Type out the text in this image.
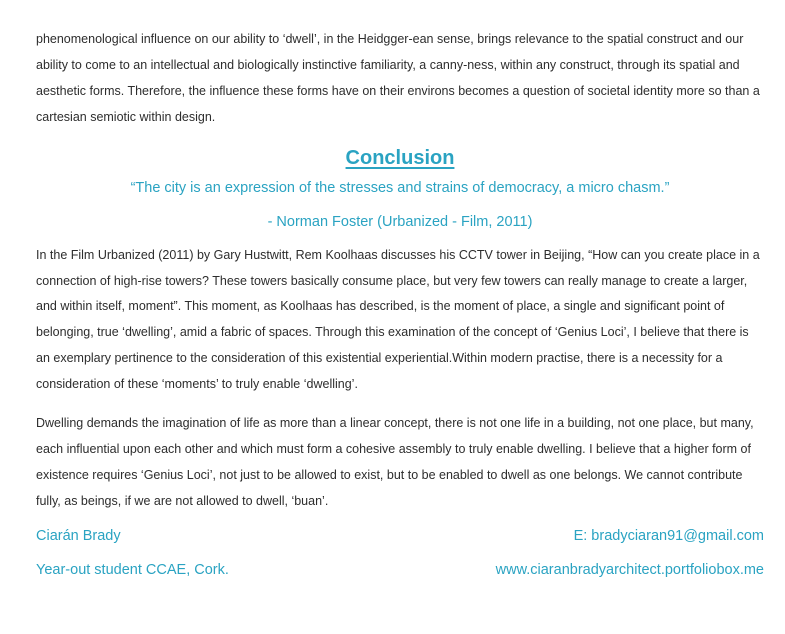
phenomenological influence on our ability to ‘dwell’, in the Heidgger-ean sense, brings relevance to the spatial construct and our ability to come to an intellectual and biologically instinctive familiarity, a canny-ness, within any construct, through its spatial and aesthetic forms. Therefore, the influence these forms have on their environs becomes a question of societal identity more so than a cartesian semiotic within design.

Conclusion

“The city is an expression of the stresses and strains of democracy, a micro chasm.”

- Norman Foster (Urbanized - Film, 2011)

In the Film Urbanized (2011) by Gary Hustwitt, Rem Koolhaas discusses his CCTV tower in Beijing, “How can you create place in a connection of high-rise towers? These towers basically consume place, but very few towers can really manage to create a larger, and within itself, moment”. This moment, as Koolhaas has described, is the moment of place, a single and significant point of belonging, true ‘dwelling’, amid a fabric of spaces. Through this examination of the concept of ‘Genius Loci’, I believe that there is an exemplary pertinence to the consideration of this existential experiential.Within modern practise, there is a necessity for a consideration of these ‘moments’ to truly enable ‘dwelling’.

Dwelling demands the imagination of life as more than a linear concept, there is not one life in a building, not one place, but many, each influential upon each other and which must form a cohesive assembly to truly enable dwelling. I believe that a higher form of existence requires ‘Genius Loci’, not just to be allowed to exist, but to be enabled to dwell as one belongs. We cannot contribute fully, as beings, if we are not allowed to dwell, ‘buan’.

Ciarán Brady	E: bradyciaran91@gmail.com
Year-out student CCAE, Cork.	www.ciaranbradyarchitect.portfoliobox.me
